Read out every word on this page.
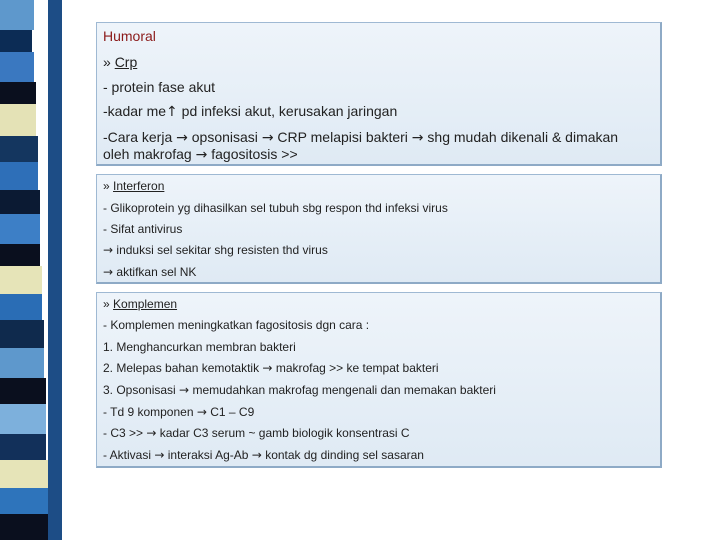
Humoral
» Crp
- protein fase akut
-kadar me↑ pd infeksi akut, kerusakan jaringan
-Cara kerja → opsonisasi → CRP melapisi bakteri → shg mudah dikenali & dimakan
oleh makrofag → fagositosis >>
» Interferon
- Glikoprotein yg dihasilkan sel tubuh sbg respon thd infeksi virus
- Sifat antivirus
→ induksi sel sekitar shg resisten thd virus
→ aktifkan sel NK
» Komplemen
- Komplemen meningkatkan fagositosis dgn cara :
1. Menghancurkan membran bakteri
2. Melepas bahan kemotaktik → makrofag >> ke tempat bakteri
3. Opsonisasi → memudahkan makrofag mengenali dan memakan bakteri
- Td 9 komponen → C1 – C9
- C3 >> → kadar C3 serum ~ gamb biologik konsentrasi C
- Aktivasi → interaksi Ag-Ab → kontak dg dinding sel sasaran
